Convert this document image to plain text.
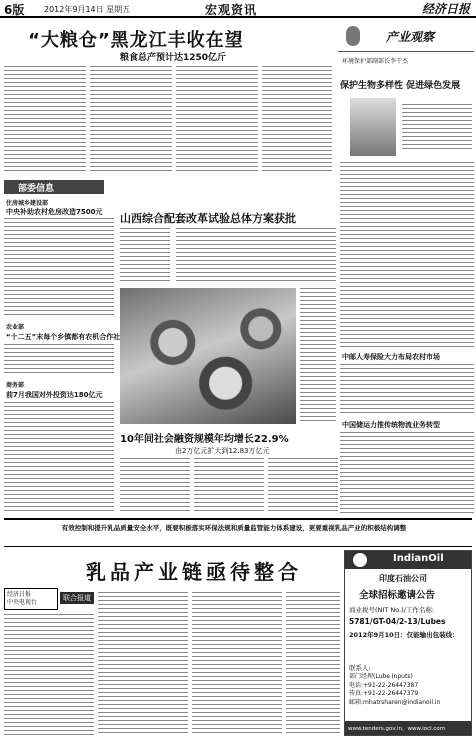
6版 2012年9月14日 星期五	宏观资讯	经济日报
“大粮仓”黑龙江丰收在望
粮食总产预计达1250亿斤
产业观察
环境保护部副部长李干杰
保护生物多样性 促进绿色发展
部委信息
住房城乡建设部
中央补助农村危房改造7500元
农业部
“十二五”末每个乡镇都有农机合作社
商务部
前7月我国对外投资达180亿元
山西综合配套改革试验总体方案获批
10年间社会融资规模年均增长22.9%
由2万亿元扩大到12.83万亿元
中邮人寿保险大力布局农村市场
中国储运力推传统物流业务转型
有效控制和提升乳品质量安全水平，既要积极落实环保法规和质量监管能力体系建设，更要重视乳品产业的积极结构调整
乳品产业链亟待整合
经济日报
中央电视台
联合报道
IndianOil
印度石油公司
全球招标邀请公告
商业税号(NIT No.)/工作名称:
5781/GT-04/2-13/Lubes
2012年9月10日：仅能输出包装线：
联系人:
部门经理(Lube Inputs)
电话:+91-22-26447387
传真:+91-22-26447379
邮箱:mhatrsharen@indianoil.in
www.tenders.gov.in，www.iocl.com
